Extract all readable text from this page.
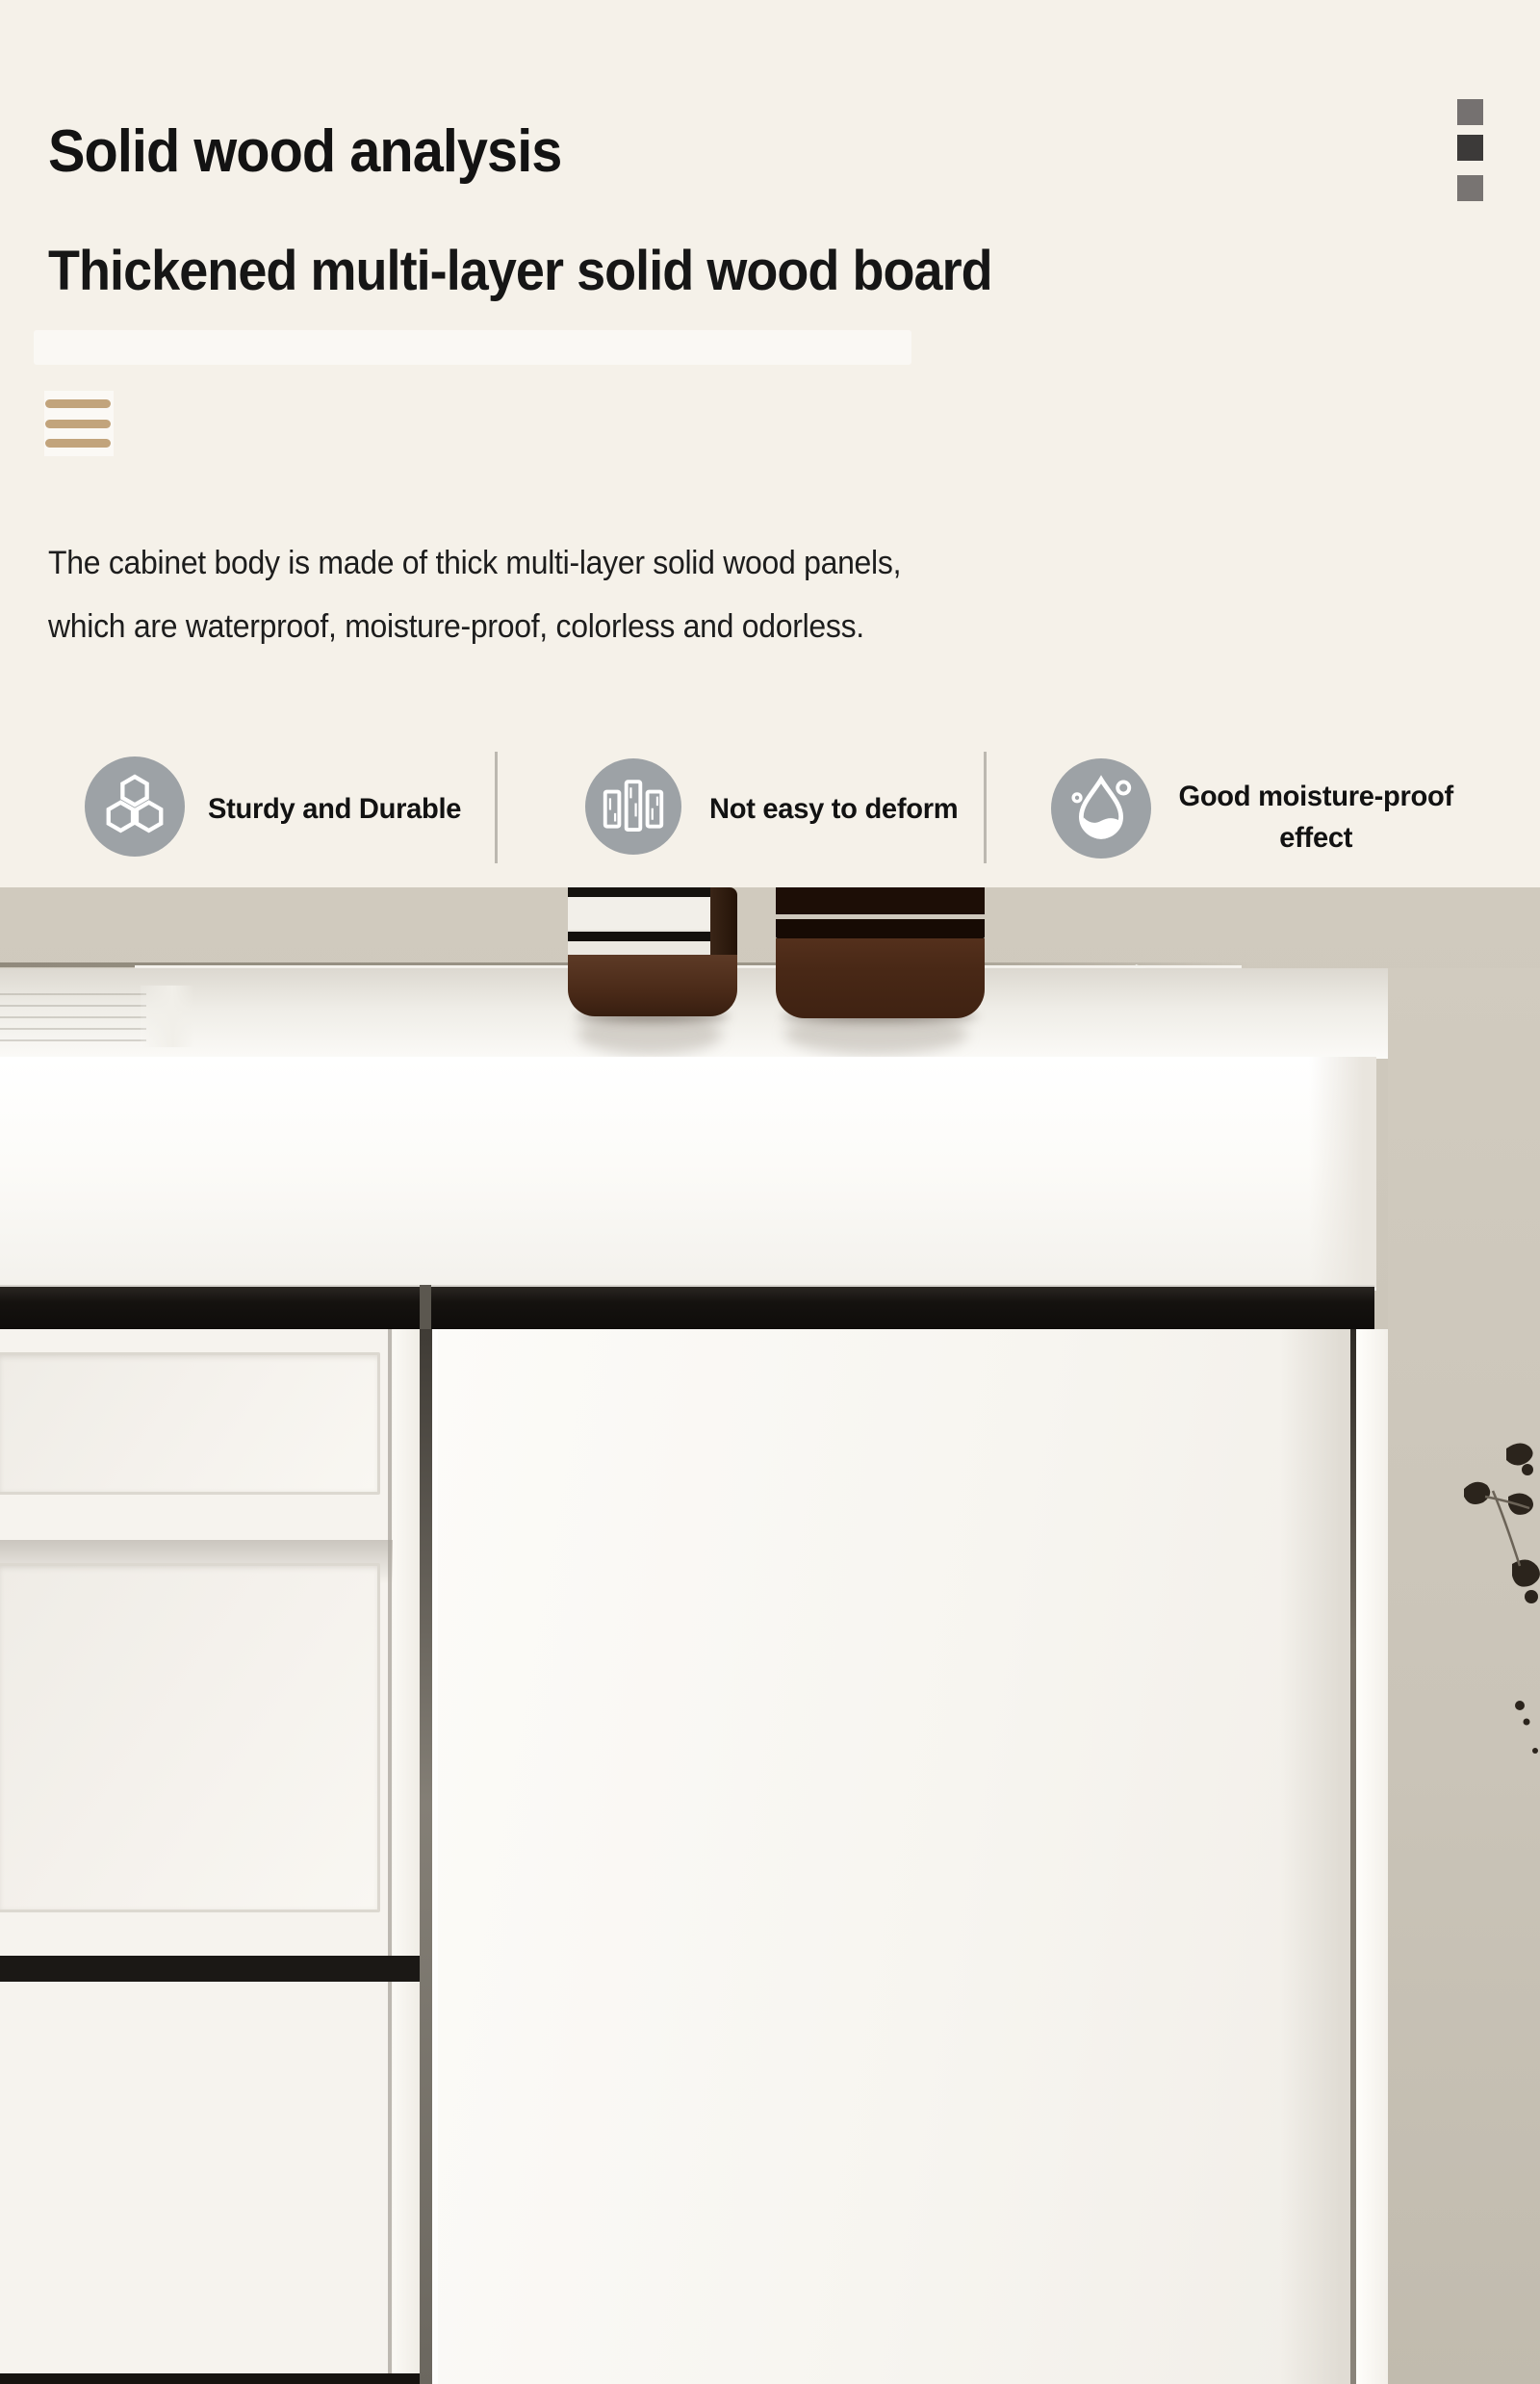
Solid wood analysis
Thickened multi-layer solid wood board
The cabinet body is made of thick multi-layer solid wood panels,
which are waterproof, moisture-proof, colorless and odorless.
Sturdy and Durable	Not easy to deform	Good moisture-proof effect
